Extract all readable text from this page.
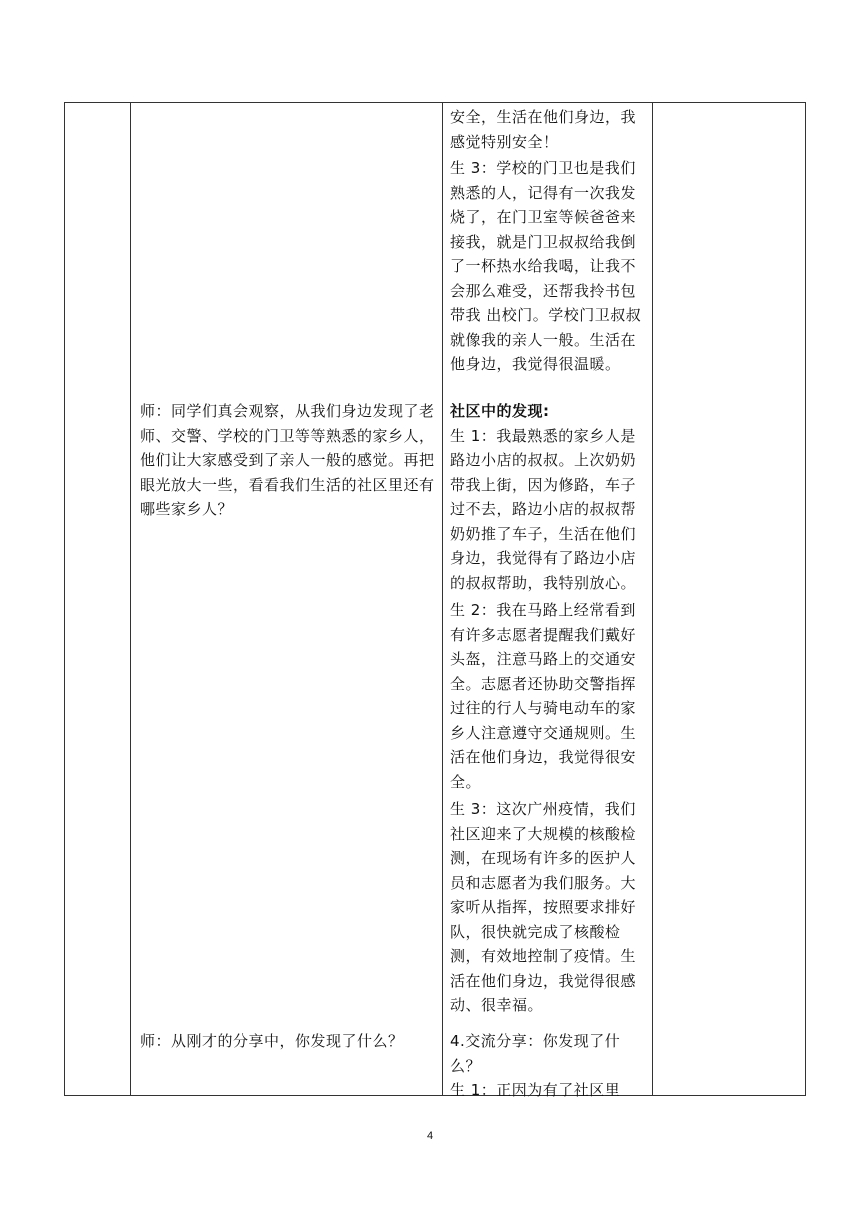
安全，生活在他们身边，我感觉特别安全！
生 3：学校的门卫也是我们熟悉的人，记得有一次我发烧了，在门卫室等候爸爸来接我，就是门卫叔叔给我倒了一杯热水给我喝，让我不会那么难受，还帮我拎书包带我 出校门。学校门卫叔叔就像我的亲人一般。生活在他身边，我觉得很温暖。
社区中的发现:
生 1：我最熟悉的家乡人是路边小店的叔叔。上次奶奶带我上街，因为修路，车子过不去，路边小店的叔叔帮奶奶推了车子，生活在他们身边，我觉得有了路边小店的叔叔帮助，我特别放心。
生 2：我在马路上经常看到有许多志愿者提醒我们戴好头盔，注意马路上的交通安全。志愿者还协助交警指挥过往的行人与骑电动车的家乡人注意遵守交通规则。生活在他们身边，我觉得很安全。
生 3：这次广州疫情，我们社区迎来了大规模的核酸检测，在现场有许多的医护人员和志愿者为我们服务。大家听从指挥，按照要求排好队，很快就完成了核酸检测，有效地控制了疫情。生活在他们身边，我觉得很感动、很幸福。
4.交流分享：你发现了什么？
生 1：正因为有了社区里
师：同学们真会观察，从我们身边发现了老师、交警、学校的门卫等等熟悉的家乡人，他们让大家感受到了亲人一般的感觉。再把眼光放大一些，看看我们生活的社区里还有哪些家乡人？
师：从刚才的分享中，你发现了什么？
4
